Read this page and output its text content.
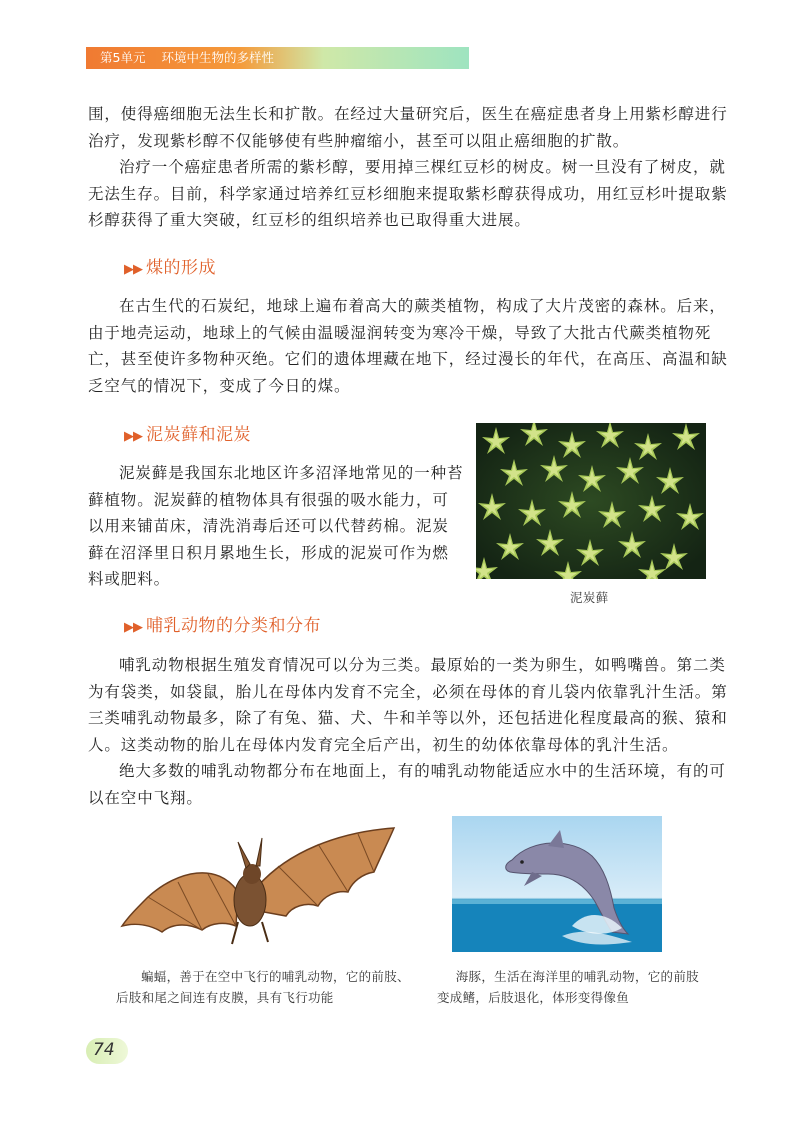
第5单元 环境中生物的多样性

围，使得癌细胞无法生长和扩散。在经过大量研究后，医生在癌症患者身上用紫杉醇进行治疗，发现紫杉醇不仅能够使有些肿瘤缩小，甚至可以阻止癌细胞的扩散。

治疗一个癌症患者所需的紫杉醇，要用掉三棵红豆杉的树皮。树一旦没有了树皮，就无法生存。目前，科学家通过培养红豆杉细胞来提取紫杉醇获得成功，用红豆杉叶提取紫杉醇获得了重大突破，红豆杉的组织培养也已取得重大进展。

▶▶ 煤的形成

在古生代的石炭纪，地球上遍布着高大的蕨类植物，构成了大片茂密的森林。后来，由于地壳运动，地球上的气候由温暖湿润转变为寒冷干燥，导致了大批古代蕨类植物死亡，甚至使许多物种灭绝。它们的遗体埋藏在地下，经过漫长的年代，在高压、高温和缺乏空气的情况下，变成了今日的煤。

▶▶ 泥炭藓和泥炭

泥炭藓是我国东北地区许多沼泽地常见的一种苔藓植物。泥炭藓的植物体具有很强的吸水能力，可以用来铺苗床，清洗消毒后还可以代替药棉。泥炭藓在沼泽里日积月累地生长，形成的泥炭可作为燃料或肥料。

泥炭藓
▶▶ 哺乳动物的分类和分布

哺乳动物根据生殖发育情况可以分为三类。最原始的一类为卵生，如鸭嘴兽。第二类为有袋类，如袋鼠，胎儿在母体内发育不完全，必须在母体的育儿袋内依靠乳汁生活。第三类哺乳动物最多，除了有兔、猫、犬、牛和羊等以外，还包括进化程度最高的猴、猿和人。这类动物的胎儿在母体内发育完全后产出，初生的幼体依靠母体的乳汁生活。

绝大多数的哺乳动物都分布在地面上，有的哺乳动物能适应水中的生活环境，有的可以在空中飞翔。

蝙蝠，善于在空中飞行的哺乳动物，它的前肢、后肢和尾之间连有皮膜，具有飞行功能
海豚，生活在海洋里的哺乳动物，它的前肢变成鳍，后肢退化，体形变得像鱼
74
